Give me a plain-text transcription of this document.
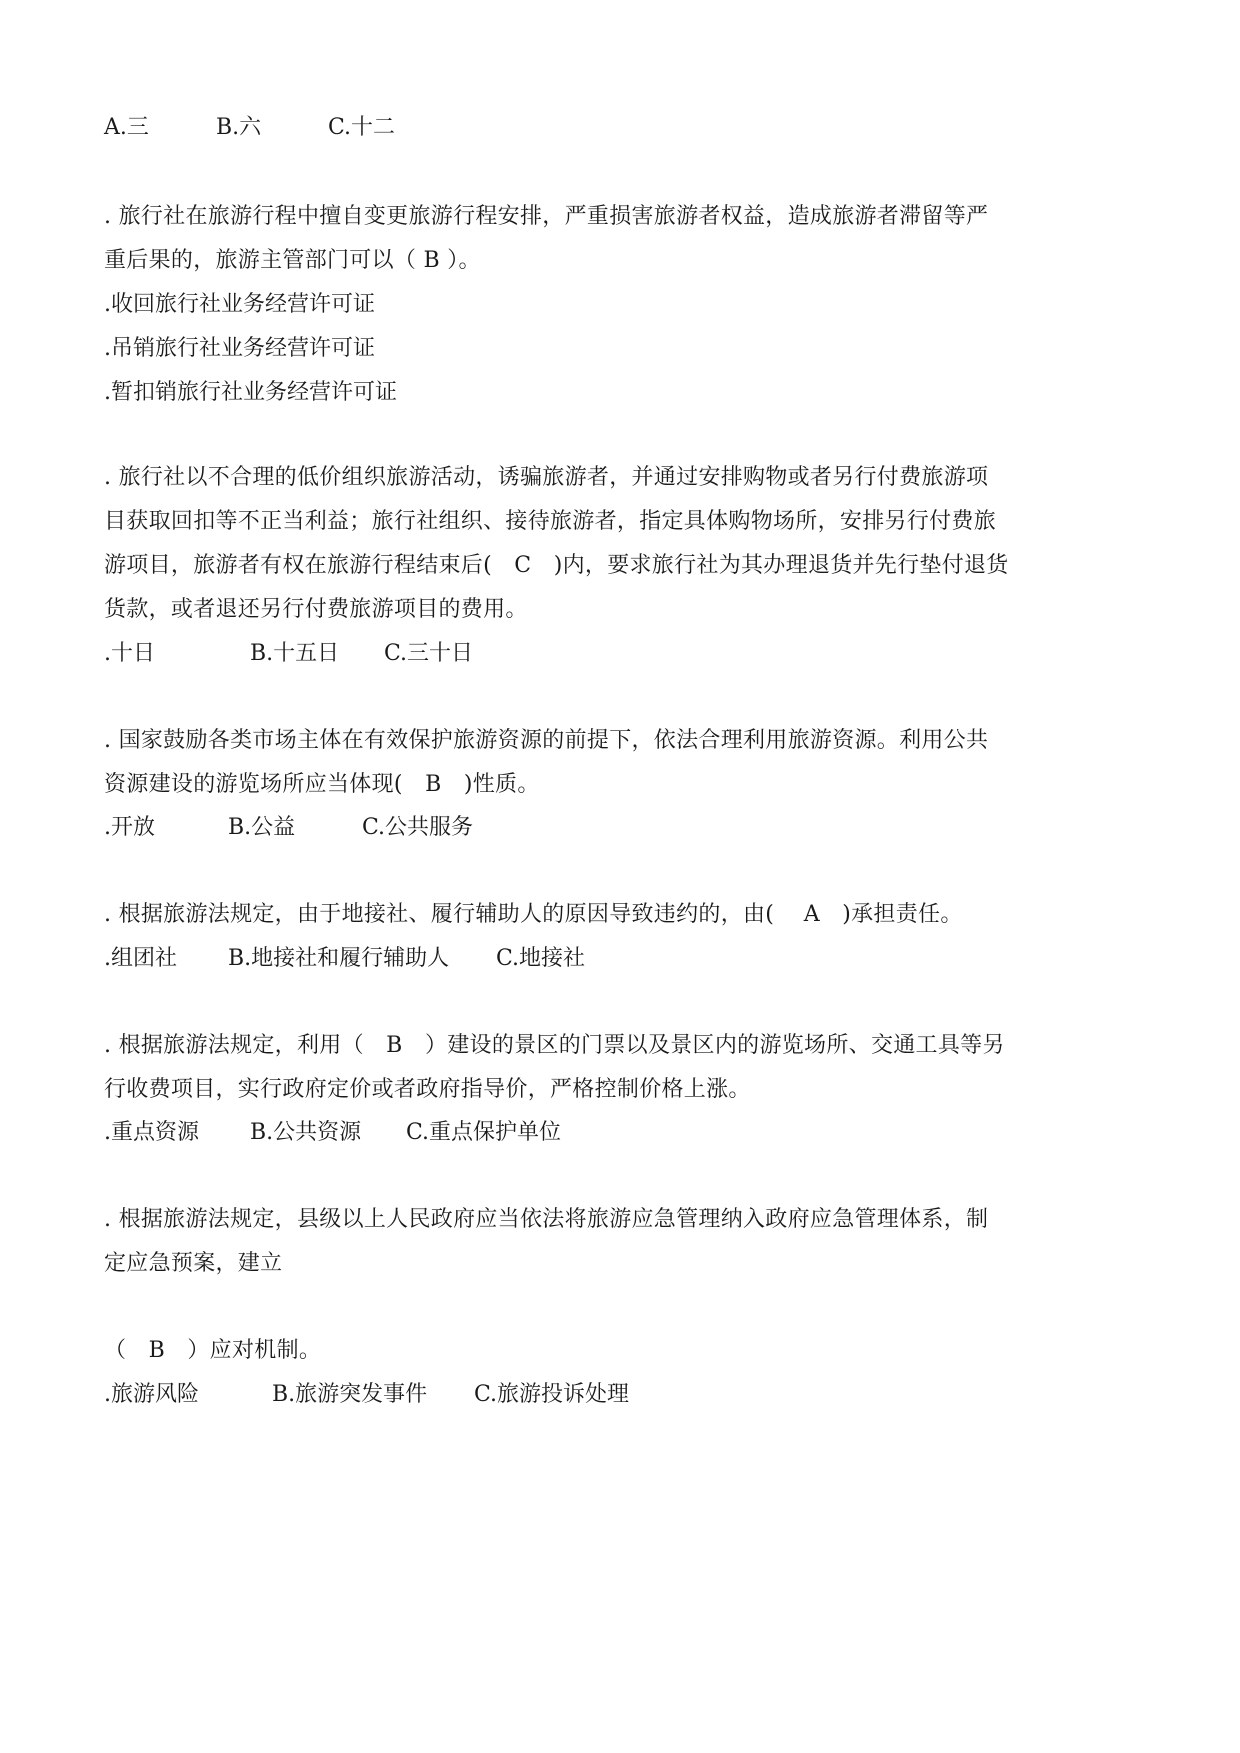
A.三	B.六	C.十二
. 旅行社在旅游行程中擅自变更旅游行程安排，严重损害旅游者权益，造成旅游者滞留等严
重后果的，旅游主管部门可以（ B ）。
.收回旅行社业务经营许可证
.吊销旅行社业务经营许可证
.暂扣销旅行社业务经营许可证
. 旅行社以不合理的低价组织旅游活动，诱骗旅游者，并通过安排购物或者另行付费旅游项
目获取回扣等不正当利益；旅行社组织、接待旅游者，指定具体购物场所，安排另行付费旅
游项目，旅游者有权在旅游行程结束后(　C　)内，要求旅行社为其办理退货并先行垫付退货
货款，或者退还另行付费旅游项目的费用。
.十日	B.十五日 C.三十日
. 国家鼓励各类市场主体在有效保护旅游资源的前提下，依法合理利用旅游资源。利用公共
资源建设的游览场所应当体现(　B　)性质。
.开放	B.公益	C.公共服务
. 根据旅游法规定，由于地接社、履行辅助人的原因导致违约的，由(　 A　)承担责任。
.组团社 B.地接社和履行辅助人 C.地接社
. 根据旅游法规定，利用（　B　）建设的景区的门票以及景区内的游览场所、交通工具等另
行收费项目，实行政府定价或者政府指导价，严格控制价格上涨。
.重点资源 B.公共资源 C.重点保护单位
. 根据旅游法规定，县级以上人民政府应当依法将旅游应急管理纳入政府应急管理体系，制
定应急预案，建立
（　B　）应对机制。
.旅游风险	B.旅游突发事件 C.旅游投诉处理
